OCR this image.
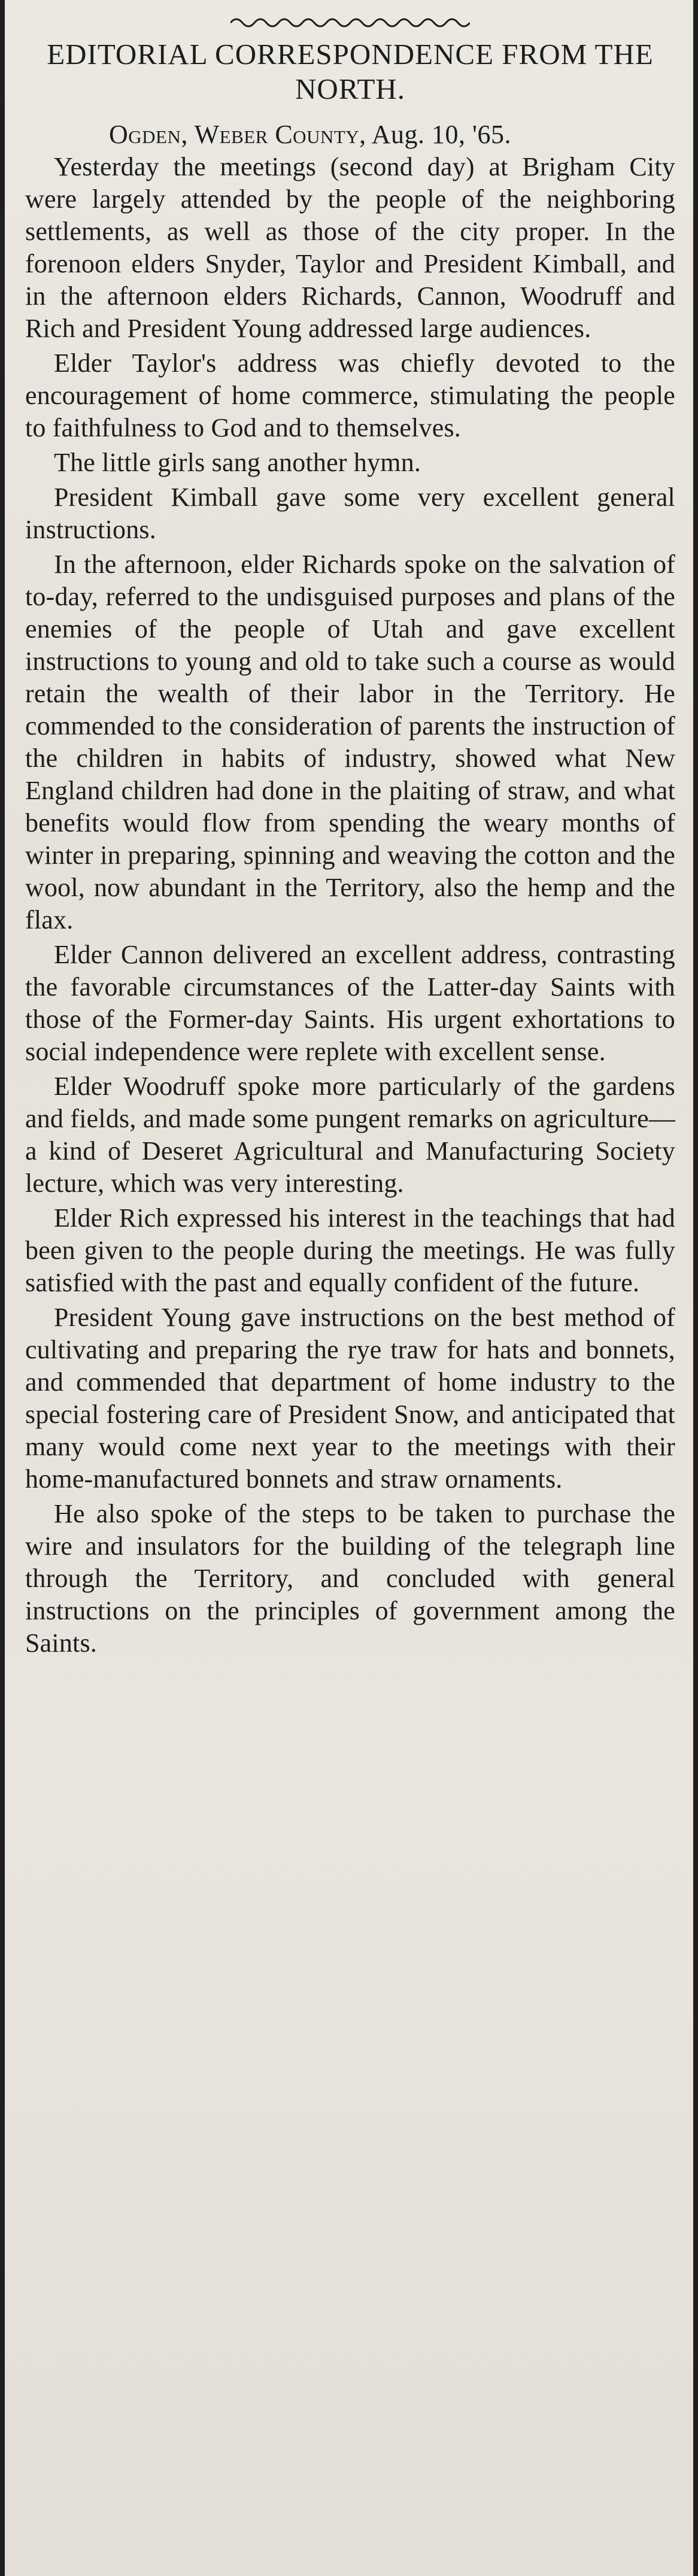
EDITORIAL CORRESPONDENCE FROM THE NORTH.

Ogden, Weber County, Aug. 10, '65.

Yesterday the meetings (second day) at Brigham City were largely attended by the people of the neighboring settlements, as well as those of the city proper. In the forenoon elders Snyder, Taylor and President Kimball, and in the afternoon elders Richards, Cannon, Woodruff and Rich and President Young addressed large audiences.

Elder Taylor's address was chiefly devoted to the encouragement of home commerce, stimulating the people to faithfulness to God and to themselves.

The little girls sang another hymn.

President Kimball gave some very excellent general instructions.

In the afternoon, elder Richards spoke on the salvation of to-day, referred to the undisguised purposes and plans of the enemies of the people of Utah and gave excellent instructions to young and old to take such a course as would retain the wealth of their labor in the Territory. He commended to the consideration of parents the instruction of the children in habits of industry, showed what New England children had done in the plaiting of straw, and what benefits would flow from spending the weary months of winter in preparing, spinning and weaving the cotton and the wool, now abundant in the Territory, also the hemp and the flax.

Elder Cannon delivered an excellent address, contrasting the favorable circumstances of the Latter-day Saints with those of the Former-day Saints. His urgent exhortations to social independence were replete with excellent sense.

Elder Woodruff spoke more particularly of the gardens and fields, and made some pungent remarks on agriculture—a kind of Deseret Agricultural and Manufacturing Society lecture, which was very interesting.

Elder Rich expressed his interest in the teachings that had been given to the people during the meetings. He was fully satisfied with the past and equally confident of the future.

President Young gave instructions on the best method of cultivating and preparing the rye traw for hats and bonnets, and commended that department of home industry to the special fostering care of President Snow, and anticipated that many would come next year to the meetings with their home-manufactured bonnets and straw ornaments.

He also spoke of the steps to be taken to purchase the wire and insulators for the building of the telegraph line through the Territory, and concluded with general instructions on the principles of government among the Saints.
